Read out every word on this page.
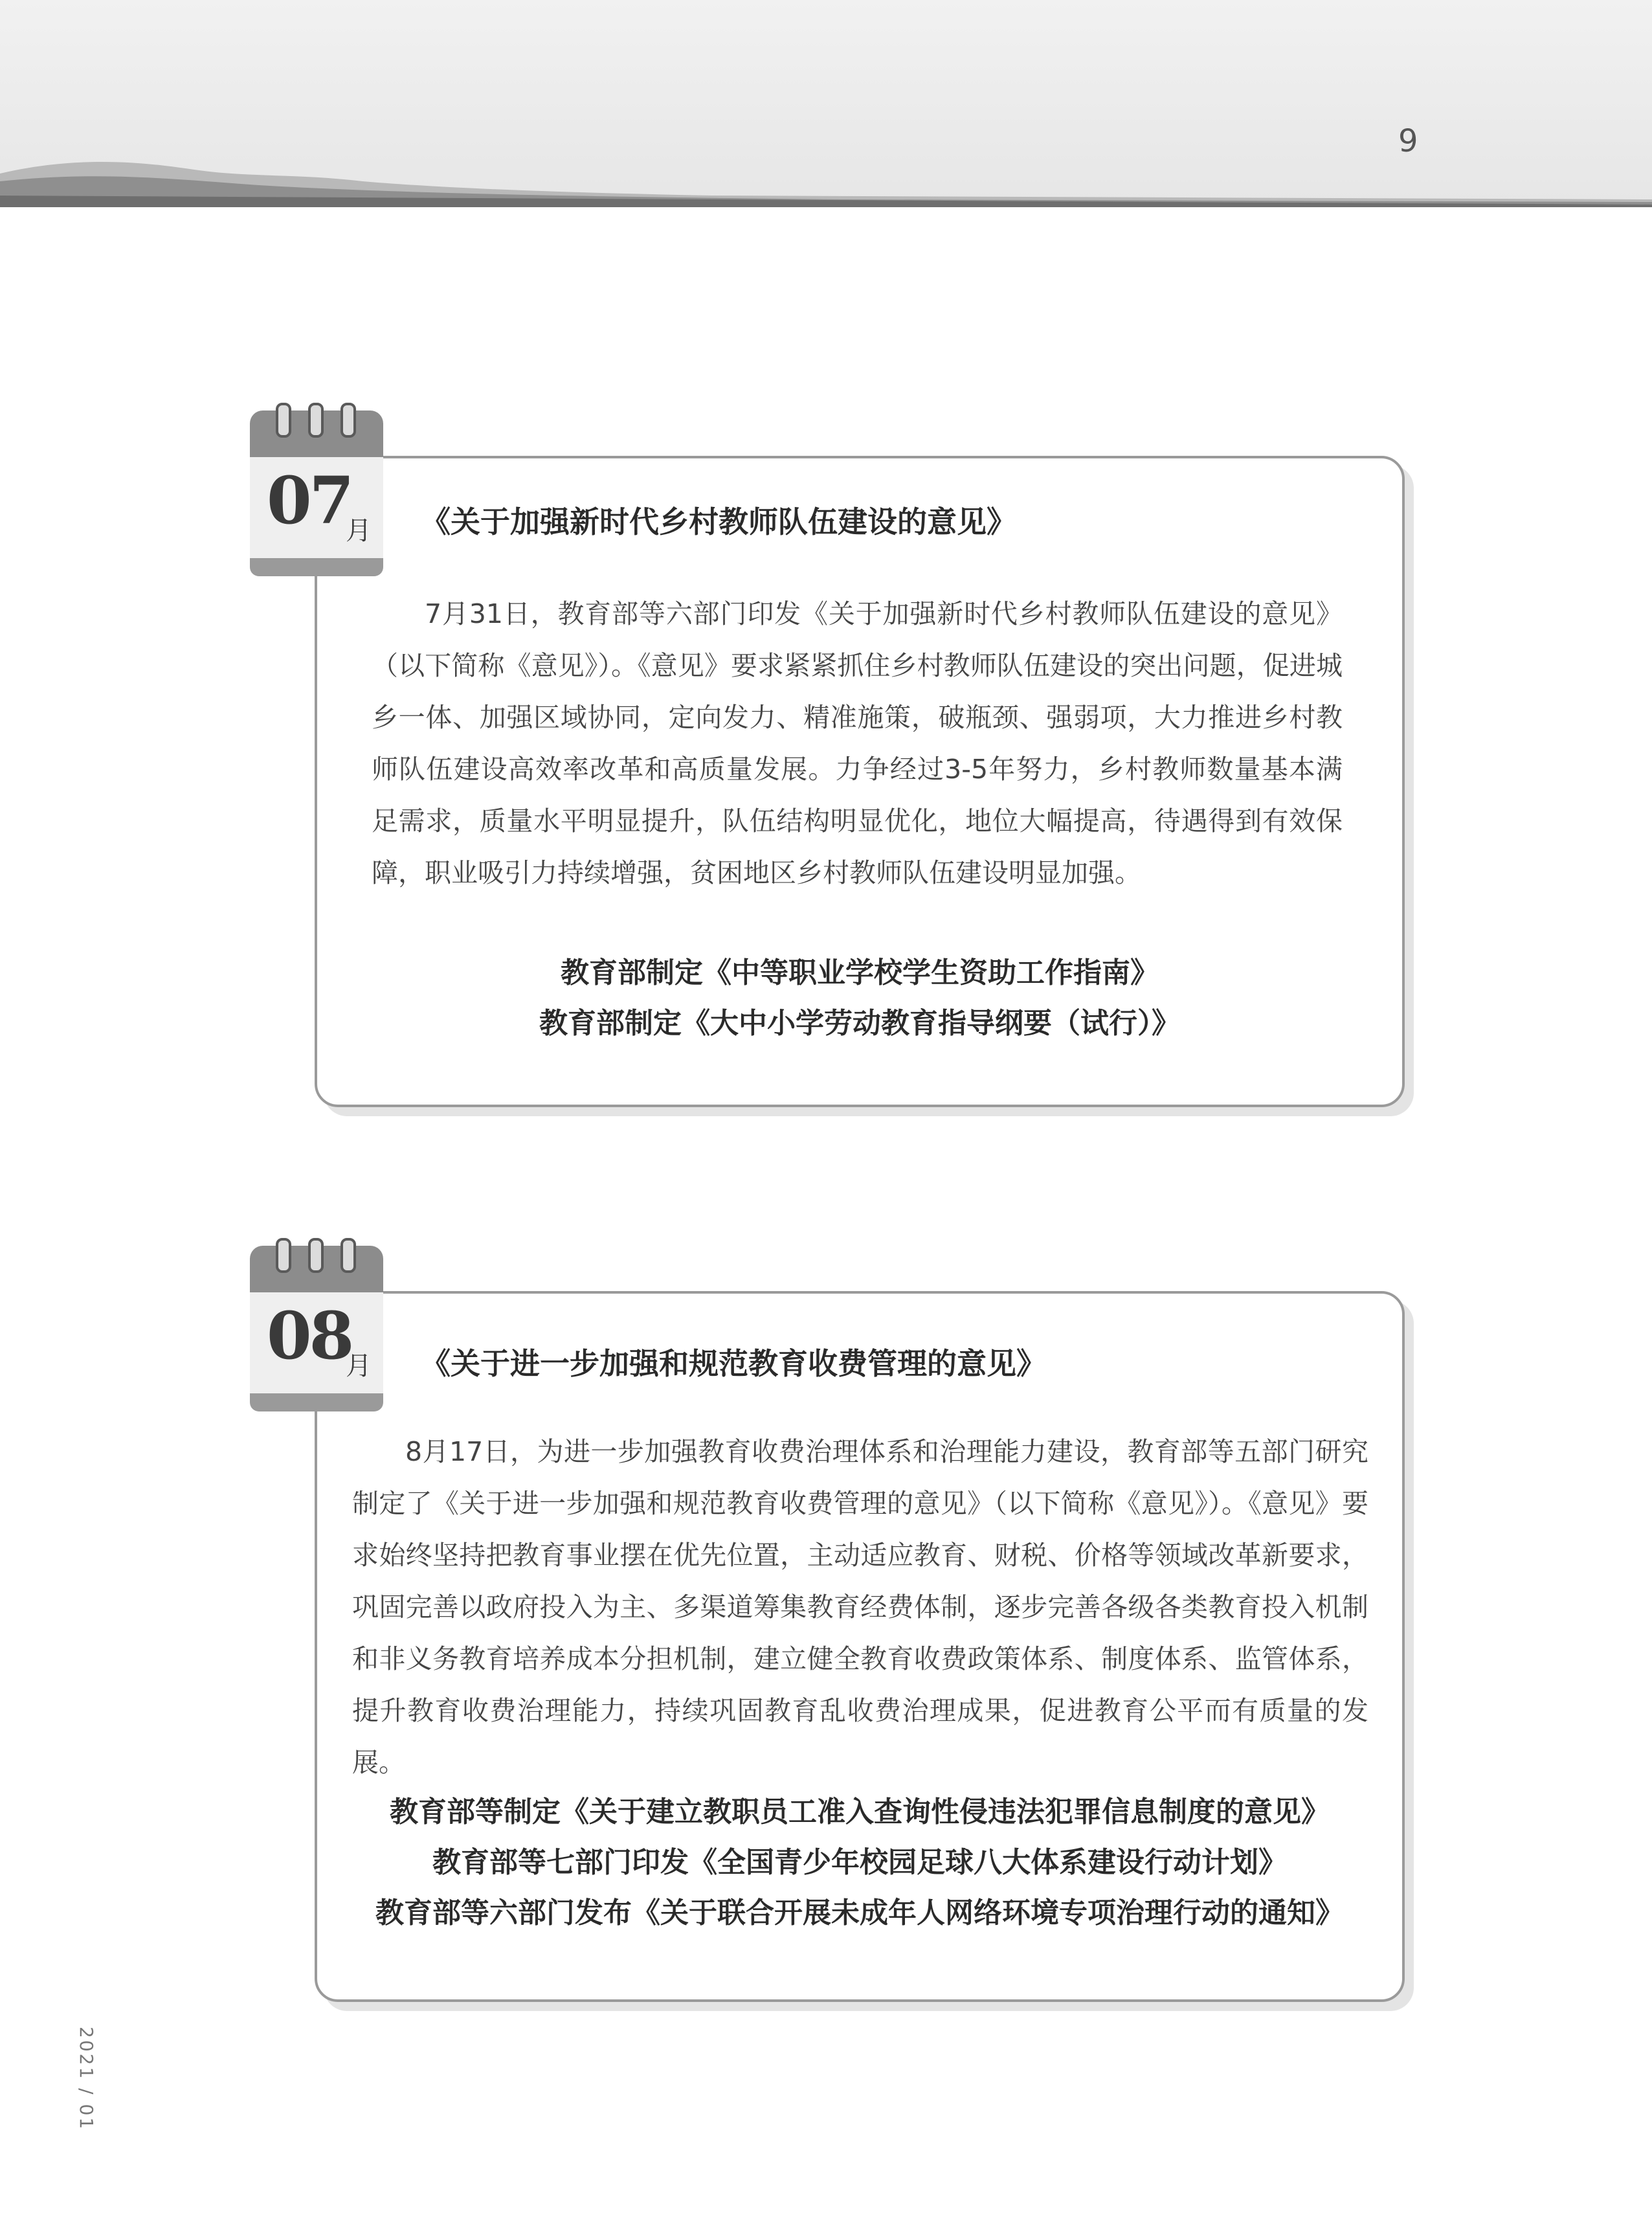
9
2021 / 01
07
月 《关于加强新时代乡村教师队伍建设的意见》
7月31日，教育部等六部门印发《关于加强新时代乡村教师队伍建设的意见》（以下简称《意见》）。《意见》要求紧紧抓住乡村教师队伍建设的突出问题，促进城乡一体、加强区域协同，定向发力、精准施策，破瓶颈、强弱项，大力推进乡村教师队伍建设高效率改革和高质量发展。力争经过3-5年努力，乡村教师数量基本满足需求，质量水平明显提升，队伍结构明显优化，地位大幅提高，待遇得到有效保障，职业吸引力持续增强，贫困地区乡村教师队伍建设明显加强。
教育部制定《中等职业学校学生资助工作指南》
教育部制定《大中小学劳动教育指导纲要（试行）》
08
月 《关于进一步加强和规范教育收费管理的意见》
8月17日，为进一步加强教育收费治理体系和治理能力建设，教育部等五部门研究制定了《关于进一步加强和规范教育收费管理的意见》（以下简称《意见》）。《意见》要求始终坚持把教育事业摆在优先位置，主动适应教育、财税、价格等领域改革新要求，巩固完善以政府投入为主、多渠道筹集教育经费体制，逐步完善各级各类教育投入机制和非义务教育培养成本分担机制，建立健全教育收费政策体系、制度体系、监管体系，提升教育收费治理能力，持续巩固教育乱收费治理成果，促进教育公平而有质量的发展。
教育部等制定《关于建立教职员工准入查询性侵违法犯罪信息制度的意见》
教育部等七部门印发《全国青少年校园足球八大体系建设行动计划》
教育部等六部门发布《关于联合开展未成年人网络环境专项治理行动的通知》
